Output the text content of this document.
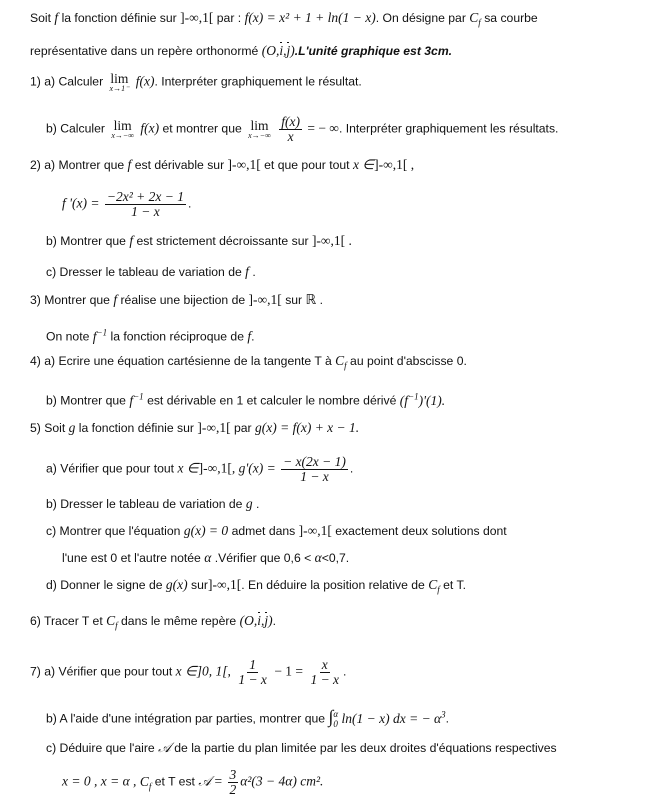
Soit f la fonction définie sur ]-∞,1[ par : f(x) = x² + 1 + ln(1 − x). On désigne par $C_f$ sa courbe
représentative dans un repère orthonormé (O,i,j).L'unité graphique est 3cm.
1) a) Calculer lim
x→1⁻ f(x). Interpréter graphiquement le résultat.
b) Calculer lim
x→−∞ f(x) et montrer que lim
x→−∞
$\frac{f(x)}{x}$ = − ∞. Interpréter graphiquement les résultats.
2) a) Montrer que f est dérivable sur ]-∞,1[ et que pour tout x ∈]-∞,1[ ,
f '$(x) = \frac{\text{−2x² + 2x − 1}}{1 - x}$ .
b) Montrer que f est strictement décroissante sur ]-∞,1[ .
c) Dresser le tableau de variation de f .
3) Montrer que f réalise une bijection de ]-∞,1[ sur ℝ .
On note $f^{-1}$ la fonction réciproque de f.
4) a) Ecrire une équation cartésienne de la tangente T à $C_f$ au point d'abscisse 0.
b) Montrer que $f^{-1}$ est dérivable en 1 et calculer le nombre dérivé $(f^{-1})'(1)$.
5) Soit g la fonction définie sur ]-∞,1[ par g(x) = f(x) + x − 1.
a) Vérifier que pour tout x ∈]-∞,1[, $g'(x) = \frac{- x(2x - 1)}{1 - x}$ .
b) Dresser le tableau de variation de g .
c) Montrer que l'équation g(x) = 0 admet dans ]-∞,1[ exactement deux solutions dont
l'une est 0 et l'autre notée α .Vérifier que 0,6 < α<0,7.
d) Donner le signe de g(x) sur]-∞,1[. En déduire la position relative de $C_f$ et T.
6) Tracer T et $C_f$ dans le même repère (O,i,j).
7) a) Vérifier que pour tout x ∈]0, 1[, $\frac{1}{1 - x} - 1 = \frac{x}{1 - x}$ .
b) A l'aide d'une intégration par parties, montrer que ∫ α
0 ln(1 − x) dx = − $\alpha^3$.
c) Déduire que l'aire 𝒜 de la partie du plan limitée par les deux droites d'équations respectives
x = 0 , x = α , $C_f$ et T est 𝒜 = $\frac{3}{2} \alpha^2(3 - 4\alpha)$ cm².
